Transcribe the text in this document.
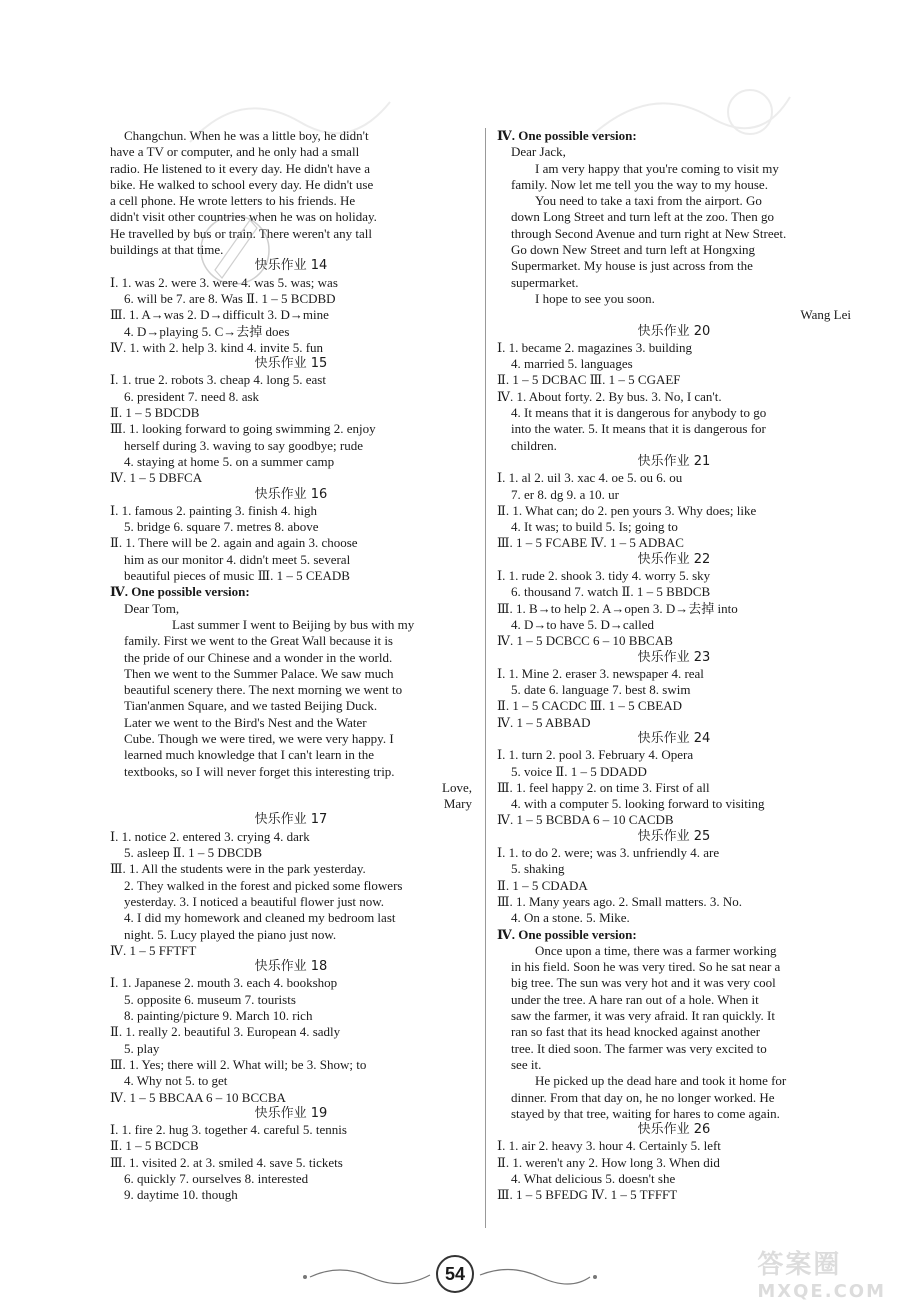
Changchun. When he was a little boy, he didn't
have a TV or computer, and he only had a small
radio. He listened to it every day. He didn't have a
bike. He walked to school every day. He didn't use
a cell phone. He wrote letters to his friends. He
didn't visit other countries when he was on holiday.
He travelled by bus or train. There weren't any tall
buildings at that time.

快乐作业 14

Ⅰ. 1. was 2. were 3. were 4. was 5. was; was
6. will be 7. are 8. Was Ⅱ. 1 – 5 BCDBD
Ⅲ. 1. A→was 2. D→difficult 3. D→mine
4. D→playing 5. C→去掉 does
Ⅳ. 1. with 2. help 3. kind 4. invite 5. fun

快乐作业 15

Ⅰ. 1. true 2. robots 3. cheap 4. long 5. east
6. president 7. need 8. ask
Ⅱ. 1 – 5 BDCDB
Ⅲ. 1. looking forward to going swimming 2. enjoy
herself during 3. waving to say goodbye; rude
4. staying at home 5. on a summer camp
Ⅳ. 1 – 5 DBFCA

快乐作业 16

Ⅰ. 1. famous 2. painting 3. finish 4. high
5. bridge 6. square 7. metres 8. above
Ⅱ. 1. There will be 2. again and again 3. choose
him as our monitor 4. didn't meet 5. several
beautiful pieces of music Ⅲ. 1 – 5 CEADB
Ⅳ. One possible version:
Dear Tom,
Last summer I went to Beijing by bus with my
family. First we went to the Great Wall because it is
the pride of our Chinese and a wonder in the world.
Then we went to the Summer Palace. We saw much
beautiful scenery there. The next morning we went to
Tian'anmen Square, and we tasted Beijing Duck.
Later we went to the Bird's Nest and the Water
Cube. Though we were tired, we were very happy. I
learned much knowledge that I can't learn in the
textbooks, so I will never forget this interesting trip.
Love,
Mary

快乐作业 17

Ⅰ. 1. notice 2. entered 3. crying 4. dark
5. asleep Ⅱ. 1 – 5 DBCDB
Ⅲ. 1. All the students were in the park yesterday.
2. They walked in the forest and picked some flowers
yesterday. 3. I noticed a beautiful flower just now.
4. I did my homework and cleaned my bedroom last
night. 5. Lucy played the piano just now.
Ⅳ. 1 – 5 FFTFT

快乐作业 18

Ⅰ. 1. Japanese 2. mouth 3. each 4. bookshop
5. opposite 6. museum 7. tourists
8. painting/picture 9. March 10. rich
Ⅱ. 1. really 2. beautiful 3. European 4. sadly
5. play
Ⅲ. 1. Yes; there will 2. What will; be 3. Show; to
4. Why not 5. to get
Ⅳ. 1 – 5 BBCAA 6 – 10 BCCBA

快乐作业 19

Ⅰ. 1. fire 2. hug 3. together 4. careful 5. tennis
Ⅱ. 1 – 5 BCDCB
Ⅲ. 1. visited 2. at 3. smiled 4. save 5. tickets
6. quickly 7. ourselves 8. interested
9. daytime 10. though
Ⅳ. One possible version:
Dear Jack,
I am very happy that you're coming to visit my
family. Now let me tell you the way to my house.
You need to take a taxi from the airport. Go
down Long Street and turn left at the zoo. Then go
through Second Avenue and turn right at New Street.
Go down New Street and turn left at Hongxing
Supermarket. My house is just across from the
supermarket.
I hope to see you soon.
Wang Lei

快乐作业 20

Ⅰ. 1. became 2. magazines 3. building
4. married 5. languages
Ⅱ. 1 – 5 DCBAC Ⅲ. 1 – 5 CGAEF
Ⅳ. 1. About forty. 2. By bus. 3. No, I can't.
4. It means that it is dangerous for anybody to go
into the water. 5. It means that it is dangerous for
children.

快乐作业 21

Ⅰ. 1. al 2. uil 3. xac 4. oe 5. ou 6. ou
7. er 8. dg 9. a 10. ur
Ⅱ. 1. What can; do 2. pen yours 3. Why does; like
4. It was; to build 5. Is; going to
Ⅲ. 1 – 5 FCABE Ⅳ. 1 – 5 ADBAC

快乐作业 22

Ⅰ. 1. rude 2. shook 3. tidy 4. worry 5. sky
6. thousand 7. watch Ⅱ. 1 – 5 BBDCB
Ⅲ. 1. B→to help 2. A→open 3. D→去掉 into
4. D→to have 5. D→called
Ⅳ. 1 – 5 DCBCC 6 – 10 BBCAB

快乐作业 23

Ⅰ. 1. Mine 2. eraser 3. newspaper 4. real
5. date 6. language 7. best 8. swim
Ⅱ. 1 – 5 CACDC Ⅲ. 1 – 5 CBEAD
Ⅳ. 1 – 5 ABBAD

快乐作业 24

Ⅰ. 1. turn 2. pool 3. February 4. Opera
5. voice Ⅱ. 1 – 5 DDADD
Ⅲ. 1. feel happy 2. on time 3. First of all
4. with a computer 5. looking forward to visiting
Ⅳ. 1 – 5 BCBDA 6 – 10 CACDB

快乐作业 25

Ⅰ. 1. to do 2. were; was 3. unfriendly 4. are
5. shaking
Ⅱ. 1 – 5 CDADA
Ⅲ. 1. Many years ago. 2. Small matters. 3. No.
4. On a stone. 5. Mike.
Ⅳ. One possible version:
Once upon a time, there was a farmer working
in his field. Soon he was very tired. So he sat near a
big tree. The sun was very hot and it was very cool
under the tree. A hare ran out of a hole. When it
saw the farmer, it was very afraid. It ran quickly. It
ran so fast that its head knocked against another
tree. It died soon. The farmer was very excited to
see it.
He picked up the dead hare and took it home for
dinner. From that day on, he no longer worked. He
stayed by that tree, waiting for hares to come again.

快乐作业 26

Ⅰ. 1. air 2. heavy 3. hour 4. Certainly 5. left
Ⅱ. 1. weren't any 2. How long 3. When did
4. What delicious 5. doesn't she
Ⅲ. 1 – 5 BFEDG Ⅳ. 1 – 5 TFFFT
54	答案圈
MXQE.COM
